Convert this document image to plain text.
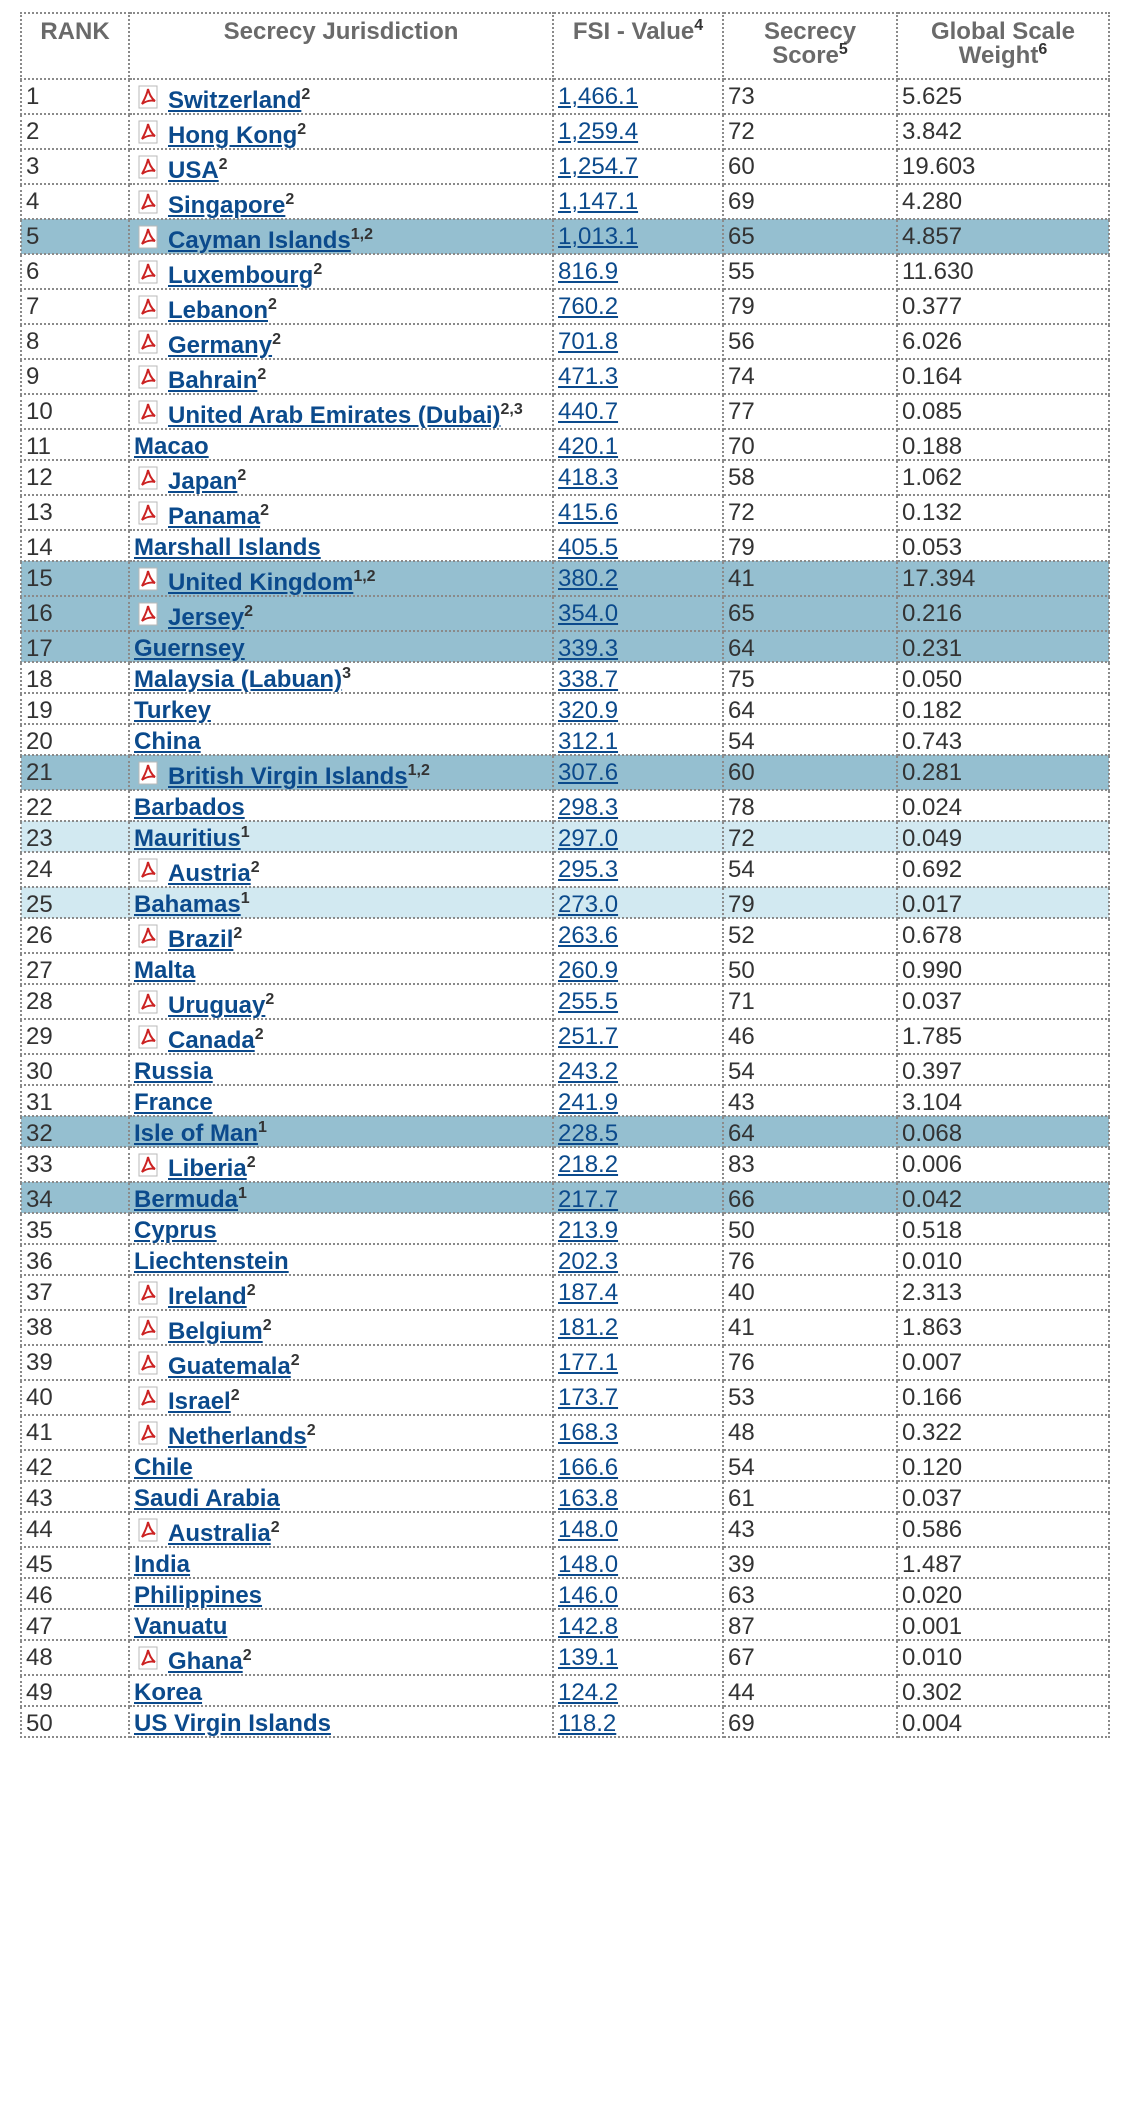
RANK	Secrecy Jurisdiction	FSI - Value$^4$	Secrecy Score$^5$	Global Scale Weight$^6$
1	Switzerland$^2$	1,466.1	73	5.625
2	Hong Kong$^2$	1,259.4	72	3.842
3	USA$^2$	1,254.7	60	19.603
4	Singapore$^2$	1,147.1	69	4.280
5	Cayman Islands$^{1,2}$	1,013.1	65	4.857
6	Luxembourg$^2$	816.9	55	11.630
7	Lebanon$^2$	760.2	79	0.377
8	Germany$^2$	701.8	56	6.026
9	Bahrain$^2$	471.3	74	0.164
10	United Arab Emirates (Dubai)$^{2,3}$	440.7	77	0.085
11	Macao	420.1	70	0.188
12	Japan$^2$	418.3	58	1.062
13	Panama$^2$	415.6	72	0.132
14	Marshall Islands	405.5	79	0.053
15	United Kingdom$^{1,2}$	380.2	41	17.394
16	Jersey$^2$	354.0	65	0.216
17	Guernsey	339.3	64	0.231
18	Malaysia (Labuan)$^3$	338.7	75	0.050
19	Turkey	320.9	64	0.182
20	China	312.1	54	0.743
21	British Virgin Islands$^{1,2}$	307.6	60	0.281
22	Barbados	298.3	78	0.024
23	Mauritius$^1$	297.0	72	0.049
24	Austria$^2$	295.3	54	0.692
25	Bahamas$^1$	273.0	79	0.017
26	Brazil$^2$	263.6	52	0.678
27	Malta	260.9	50	0.990
28	Uruguay$^2$	255.5	71	0.037
29	Canada$^2$	251.7	46	1.785
30	Russia	243.2	54	0.397
31	France	241.9	43	3.104
32	Isle of Man$^1$	228.5	64	0.068
33	Liberia$^2$	218.2	83	0.006
34	Bermuda$^1$	217.7	66	0.042
35	Cyprus	213.9	50	0.518
36	Liechtenstein	202.3	76	0.010
37	Ireland$^2$	187.4	40	2.313
38	Belgium$^2$	181.2	41	1.863
39	Guatemala$^2$	177.1	76	0.007
40	Israel$^2$	173.7	53	0.166
41	Netherlands$^2$	168.3	48	0.322
42	Chile	166.6	54	0.120
43	Saudi Arabia	163.8	61	0.037
44	Australia$^2$	148.0	43	0.586
45	India	148.0	39	1.487
46	Philippines	146.0	63	0.020
47	Vanuatu	142.8	87	0.001
48	Ghana$^2$	139.1	67	0.010
49	Korea	124.2	44	0.302
50	US Virgin Islands	118.2	69	0.004
